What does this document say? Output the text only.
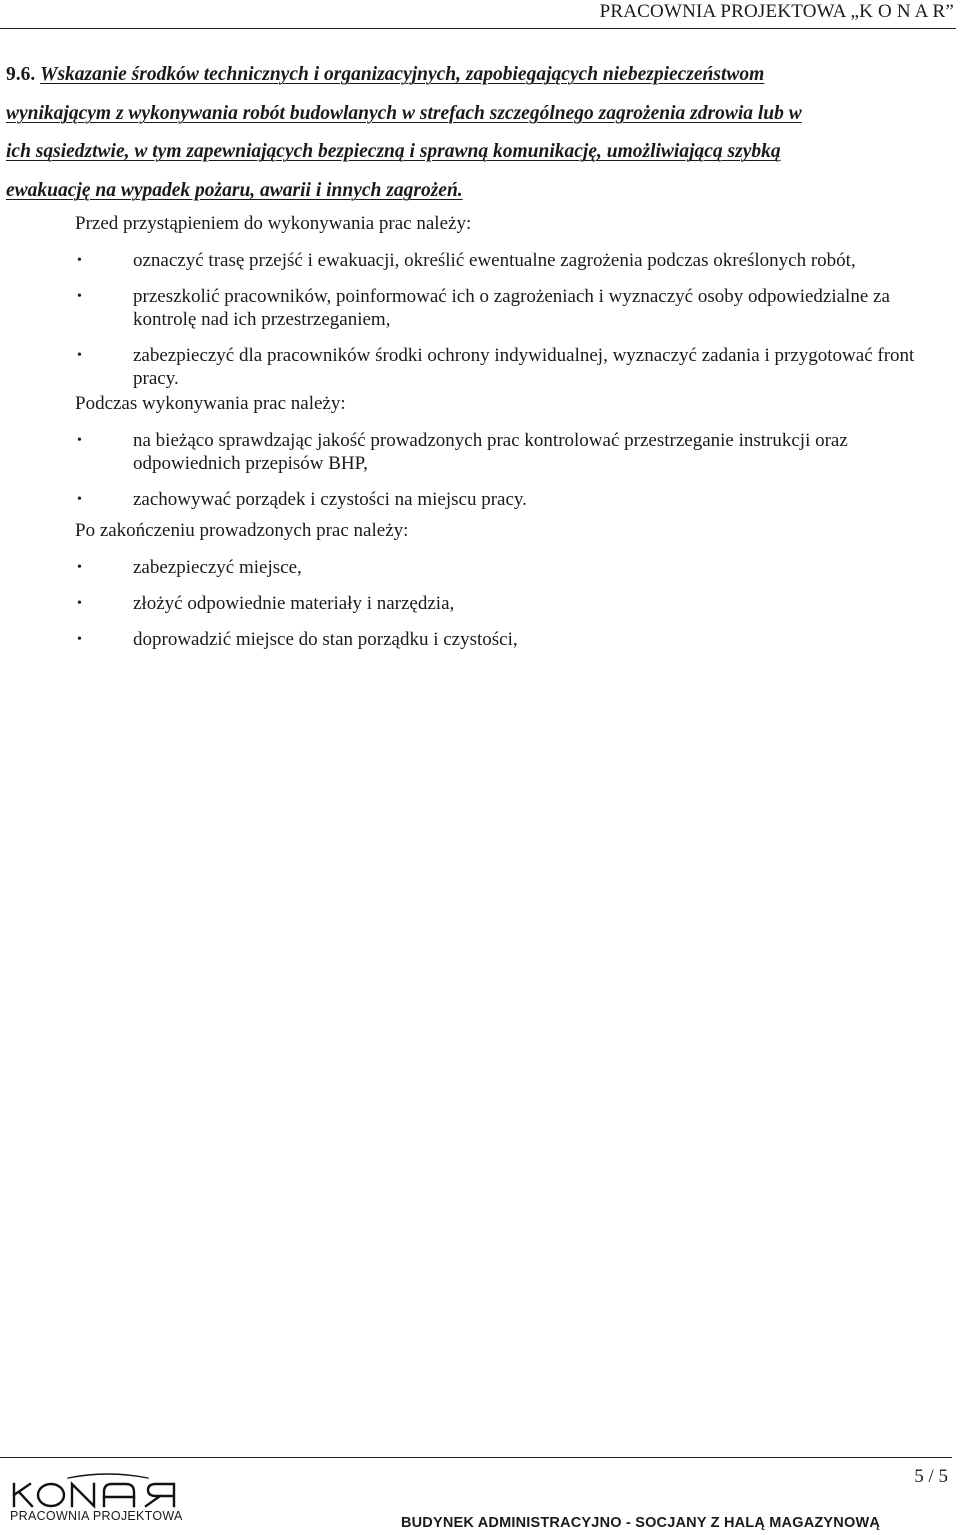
PRACOWNIA PROJEKTOWA „K O N A R”
9.6. Wskazanie środków technicznych i organizacyjnych, zapobiegających niebezpieczeństwom
wynikającym z wykonywania robót budowlanych w strefach szczególnego zagrożenia zdrowia lub w
ich sąsiedztwie, w tym zapewniających bezpieczną i sprawną komunikację, umożliwiającą szybką
ewakuację na wypadek pożaru, awarii i innych zagrożeń.
Przed przystąpieniem do wykonywania prac należy:
•	oznaczyć trasę przejść i ewakuacji, określić ewentualne zagrożenia podczas określonych robót,
•	przeszkolić pracowników, poinformować ich o zagrożeniach i wyznaczyć osoby odpowiedzialne za kontrolę nad ich przestrzeganiem,
•	zabezpieczyć dla pracowników środki ochrony indywidualnej, wyznaczyć zadania i przygotować front pracy.
Podczas wykonywania prac należy:
•	na bieżąco sprawdzając jakość prowadzonych prac kontrolować przestrzeganie instrukcji oraz odpowiednich przepisów BHP,
•	zachowywać porządek i czystości na miejscu pracy.
Po zakończeniu prowadzonych prac należy:
•	zabezpieczyć miejsce,
•	złożyć odpowiednie materiały i narzędzia,
•	doprowadzić miejsce do stan porządku i czystości,
5 / 5
PRACOWNIA PROJEKTOWA	BUDYNEK ADMINISTRACYJNO - SOCJANY Z HALĄ MAGAZYNOWĄ
